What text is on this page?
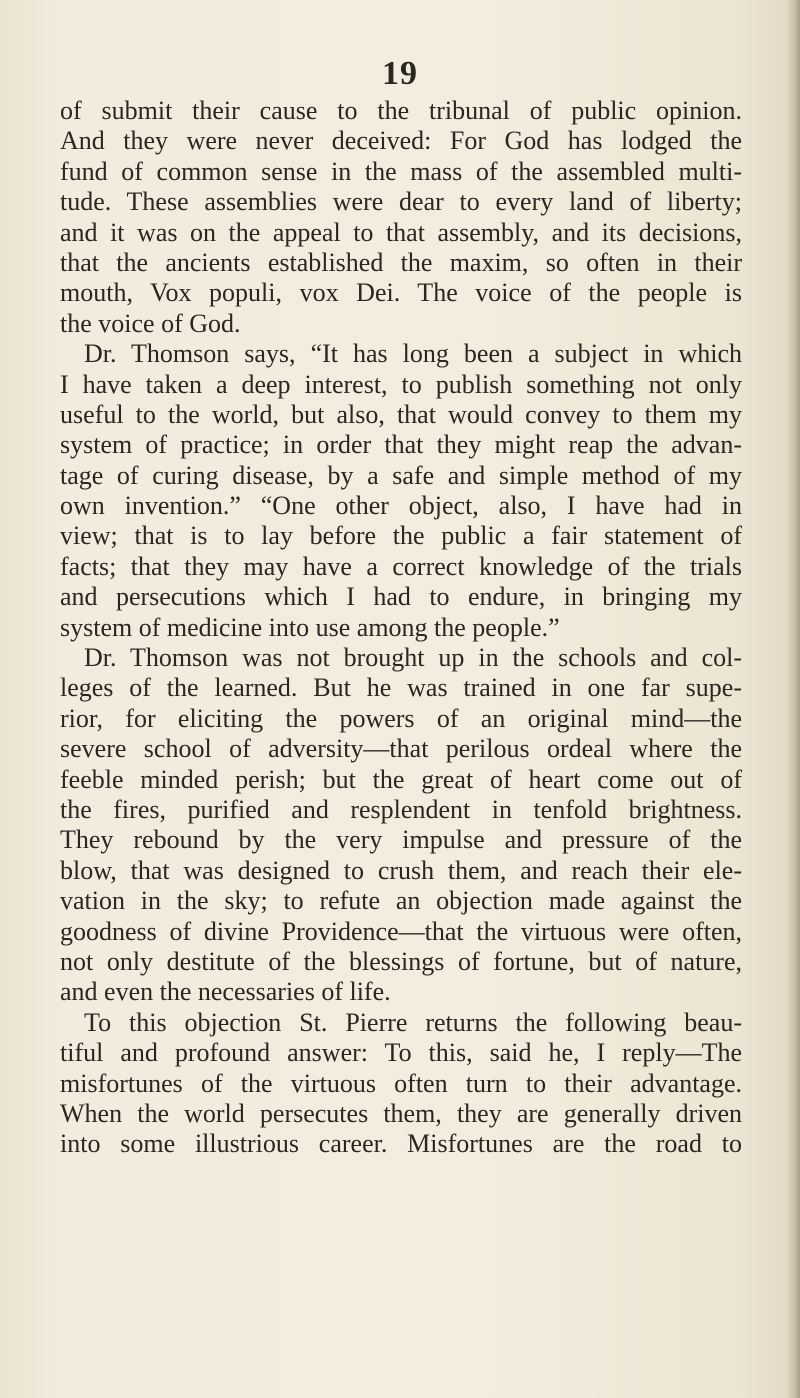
19
of submit their cause to the tribunal of public opinion.
And they were never deceived: For God has lodged the
fund of common sense in the mass of the assembled multi-
tude. These assemblies were dear to every land of liberty;
and it was on the appeal to that assembly, and its decisions,
that the ancients established the maxim, so often in their
mouth, Vox populi, vox Dei. The voice of the people is
the voice of God.
Dr. Thomson says, “It has long been a subject in which
I have taken a deep interest, to publish something not only
useful to the world, but also, that would convey to them my
system of practice; in order that they might reap the advan-
tage of curing disease, by a safe and simple method of my
own invention.” “One other object, also, I have had in
view; that is to lay before the public a fair statement of
facts; that they may have a correct knowledge of the trials
and persecutions which I had to endure, in bringing my
system of medicine into use among the people.”
Dr. Thomson was not brought up in the schools and col-
leges of the learned. But he was trained in one far supe-
rior, for eliciting the powers of an original mind—the
severe school of adversity—that perilous ordeal where the
feeble minded perish; but the great of heart come out of
the fires, purified and resplendent in tenfold brightness.
They rebound by the very impulse and pressure of the
blow, that was designed to crush them, and reach their ele-
vation in the sky; to refute an objection made against the
goodness of divine Providence—that the virtuous were often,
not only destitute of the blessings of fortune, but of nature,
and even the necessaries of life.
To this objection St. Pierre returns the following beau-
tiful and profound answer: To this, said he, I reply—The
misfortunes of the virtuous often turn to their advantage.
When the world persecutes them, they are generally driven
into some illustrious career. Misfortunes are the road to
